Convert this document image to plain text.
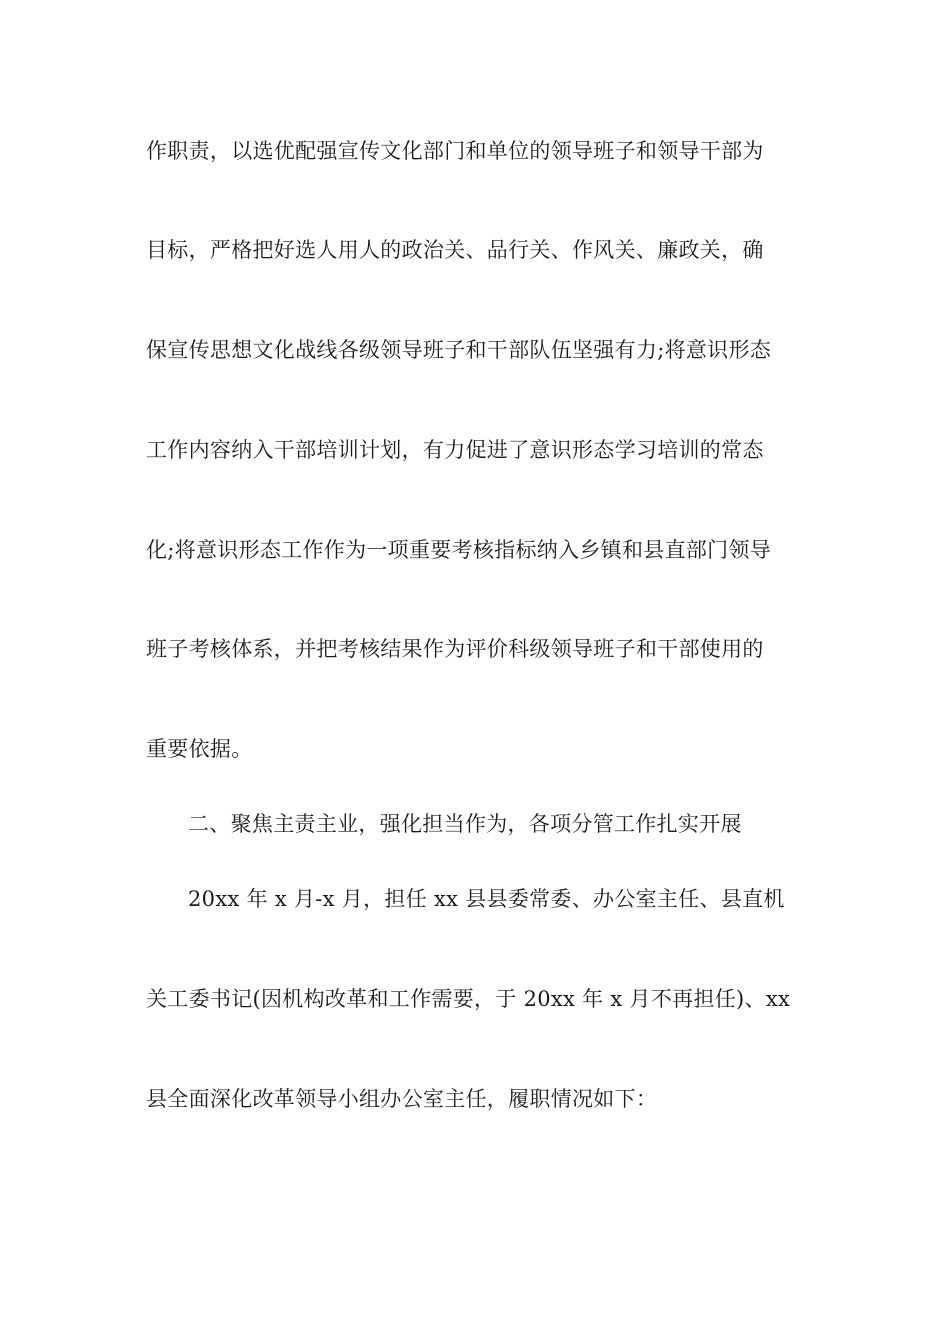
作职责，以选优配强宣传文化部门和单位的领导班子和领导干部为
目标，严格把好选人用人的政治关、品行关、作风关、廉政关，确
保宣传思想文化战线各级领导班子和干部队伍坚强有力;将意识形态
工作内容纳入干部培训计划，有力促进了意识形态学习培训的常态
化;将意识形态工作作为一项重要考核指标纳入乡镇和县直部门领导
班子考核体系，并把考核结果作为评价科级领导班子和干部使用的
重要依据。
二、聚焦主责主业，强化担当作为，各项分管工作扎实开展
20xx 年 x 月-x 月，担任 xx 县县委常委、办公室主任、县直机
关工委书记(因机构改革和工作需要，于 20xx 年 x 月不再担任)、xx
县全面深化改革领导小组办公室主任，履职情况如下：
